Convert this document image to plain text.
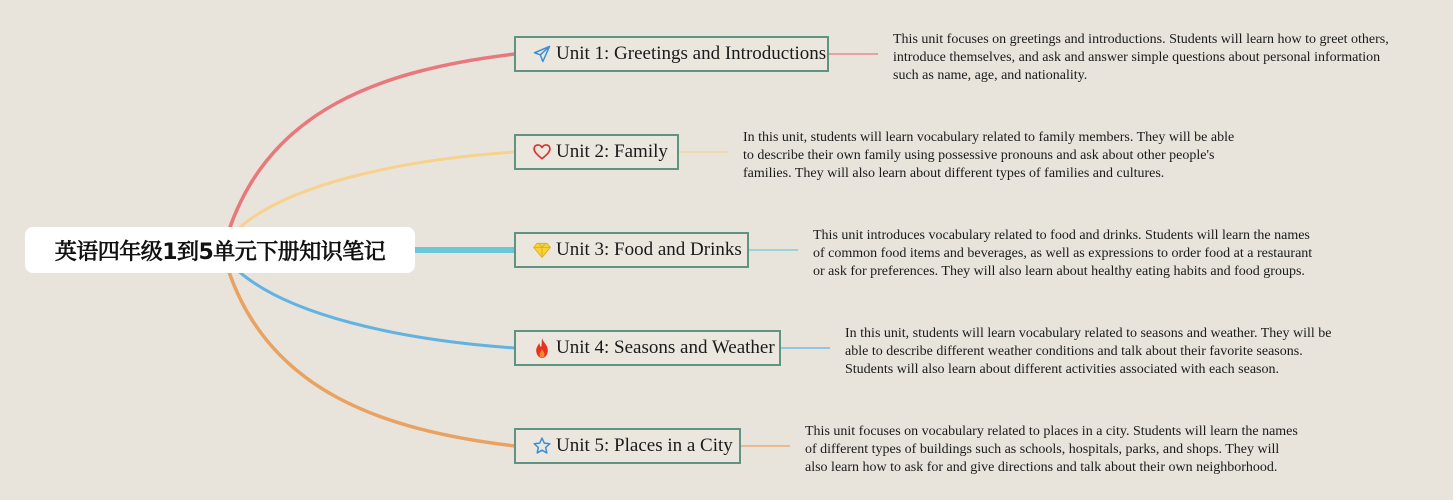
英语四年级1到5单元下册知识笔记
Unit 1: Greetings and Introductions
This unit focuses on greetings and introductions. Students will learn how to greet others, introduce themselves, and ask and answer simple questions about personal information such as name, age, and nationality.
Unit 2: Family
In this unit, students will learn vocabulary related to family members. They will be able to describe their own family using possessive pronouns and ask about other people's families. They will also learn about different types of families and cultures.
Unit 3: Food and Drinks
This unit introduces vocabulary related to food and drinks. Students will learn the names of common food items and beverages, as well as expressions to order food at a restaurant or ask for preferences. They will also learn about healthy eating habits and food groups.
Unit 4: Seasons and Weather
In this unit, students will learn vocabulary related to seasons and weather. They will be able to describe different weather conditions and talk about their favorite seasons. Students will also learn about different activities associated with each season.
Unit 5: Places in a City
This unit focuses on vocabulary related to places in a city. Students will learn the names of different types of buildings such as schools, hospitals, parks, and shops. They will also learn how to ask for and give directions and talk about their own neighborhood.
